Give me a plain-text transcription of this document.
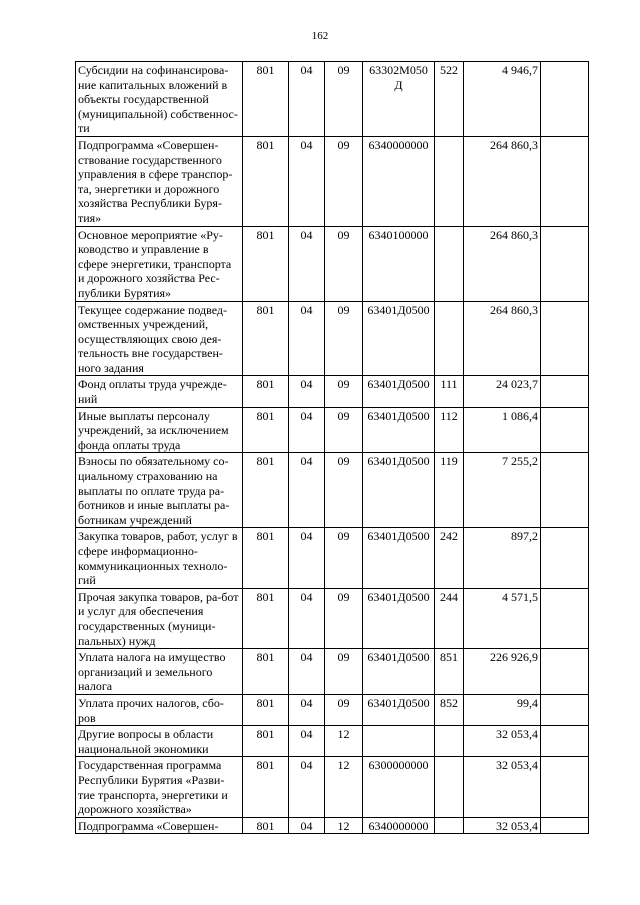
162
Субсидии на софинансирова-ние капитальных вложений в объекты государственной (муниципальной) собственнос-ти	801	04	09	63302М050 Д	522	4 946,7	
Подпрограмма «Совершен-ствование государственного управления в сфере транспор-та, энергетики и дорожного хозяйства Республики Буря-тия»	801	04	09	6340000000		264 860,3	
Основное мероприятие «Ру-ководство и управление в сфере энергетики, транспорта и дорожного хозяйства Рес-публики Бурятия»	801	04	09	6340100000		264 860,3	
Текущее содержание подвед-омственных учреждений, осуществляющих свою дея-тельность вне государствен-ного задания	801	04	09	63401Д0500		264 860,3	
Фонд оплаты труда учрежде-ний	801	04	09	63401Д0500	111	24 023,7	
Иные выплаты персоналу учреждений, за исключением фонда оплаты труда	801	04	09	63401Д0500	112	1 086,4	
Взносы по обязательному со-циальному страхованию на выплаты по оплате труда ра-ботников и иные выплаты ра-ботникам учреждений	801	04	09	63401Д0500	119	7 255,2	
Закупка товаров, работ, услуг в сфере информационно-коммуникационных техноло-гий	801	04	09	63401Д0500	242	897,2	
Прочая закупка товаров, ра-бот и услуг для обеспечения государственных (муници-пальных) нужд	801	04	09	63401Д0500	244	4 571,5	
Уплата налога на имущество организаций и земельного налога	801	04	09	63401Д0500	851	226 926,9	
Уплата прочих налогов, сбо-ров	801	04	09	63401Д0500	852	99,4	
Другие вопросы в области национальной экономики	801	04	12			32 053,4	
Государственная программа Республики Бурятия «Разви-тие транспорта, энергетики и дорожного хозяйства»	801	04	12	6300000000		32 053,4	
Подпрограмма «Совершен-	801	04	12	6340000000		32 053,4	
